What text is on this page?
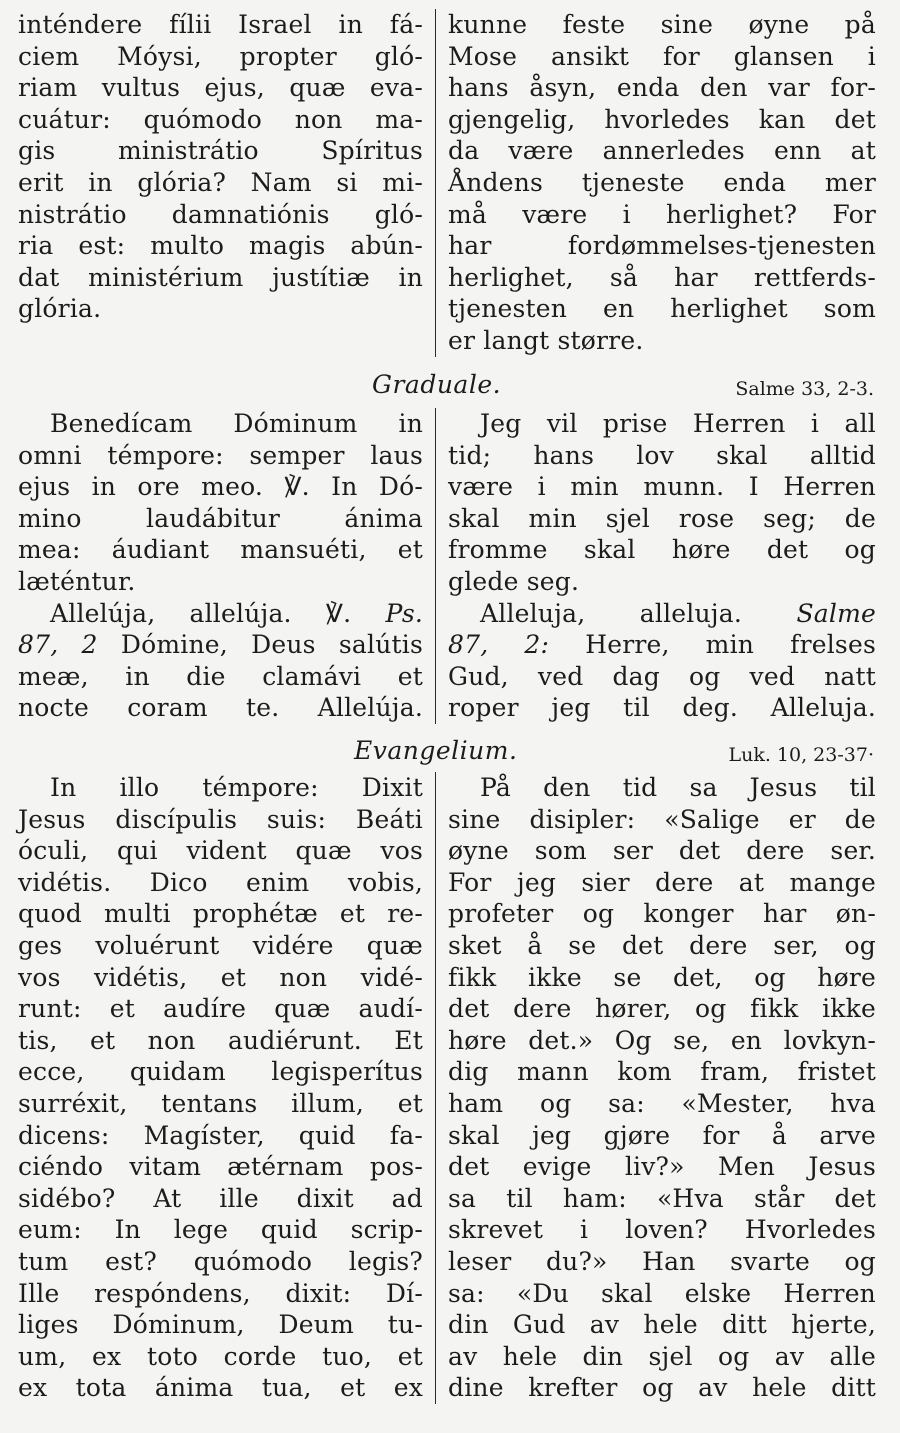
inténdere fílii Israel in fá-
ciem Móysi, propter gló-
riam vultus ejus, quæ eva-
cuátur: quómodo non ma-
gis ministrátio Spíritus
erit in glória? Nam si mi-
nistrátio damnatiónis gló-
ria est: multo magis abún-
dat ministérium justítiæ in
glória.
kunne feste sine øyne på
Mose ansikt for glansen i
hans åsyn, enda den var for-
gjengelig, hvorledes kan det
da være annerledes enn at
Åndens tjeneste enda mer
må være i herlighet? For
har fordømmelses-tjenesten
herlighet, så har rettferds-
tjenesten en herlighet som
er langt større.
Graduale.	Salme 33, 2-3.
Benedícam Dóminum in
omni témpore: semper laus
ejus in ore meo. ℣. In Dó-
mino laudábitur ánima
mea: áudiant mansuéti, et
læténtur.
Allelúja, allelúja. ℣. Ps.
87, 2 Dómine, Deus salútis
meæ, in die clamávi et
nocte coram te. Allelúja.
Jeg vil prise Herren i all
tid; hans lov skal alltid
være i min munn. I Herren
skal min sjel rose seg; de
fromme skal høre det og
glede seg.
Alleluja, alleluja. Salme
87, 2: Herre, min frelses
Gud, ved dag og ved natt
roper jeg til deg. Alleluja.
Evangelium.	Luk. 10, 23-37·
In illo témpore: Dixit
Jesus discípulis suis: Beáti
óculi, qui vident quæ vos
vidétis. Dico enim vobis,
quod multi prophétæ et re-
ges voluérunt vidére quæ
vos vidétis, et non vidé-
runt: et audíre quæ audí-
tis, et non audiérunt. Et
ecce, quidam legisperítus
surréxit, tentans illum, et
dicens: Magíster, quid fa-
ciéndo vitam ætérnam pos-
sidébo? At ille dixit ad
eum: In lege quid scrip-
tum est? quómodo legis?
Ille respóndens, dixit: Dí-
liges Dóminum, Deum tu-
um, ex toto corde tuo, et
ex tota ánima tua, et ex
På den tid sa Jesus til
sine disipler: «Salige er de
øyne som ser det dere ser.
For jeg sier dere at mange
profeter og konger har øn-
sket å se det dere ser, og
fikk ikke se det, og høre
det dere hører, og fikk ikke
høre det.» Og se, en lovkyn-
dig mann kom fram, fristet
ham og sa: «Mester, hva
skal jeg gjøre for å arve
det evige liv?» Men Jesus
sa til ham: «Hva står det
skrevet i loven? Hvorledes
leser du?» Han svarte og
sa: «Du skal elske Herren
din Gud av hele ditt hjerte,
av hele din sjel og av alle
dine krefter og av hele ditt
